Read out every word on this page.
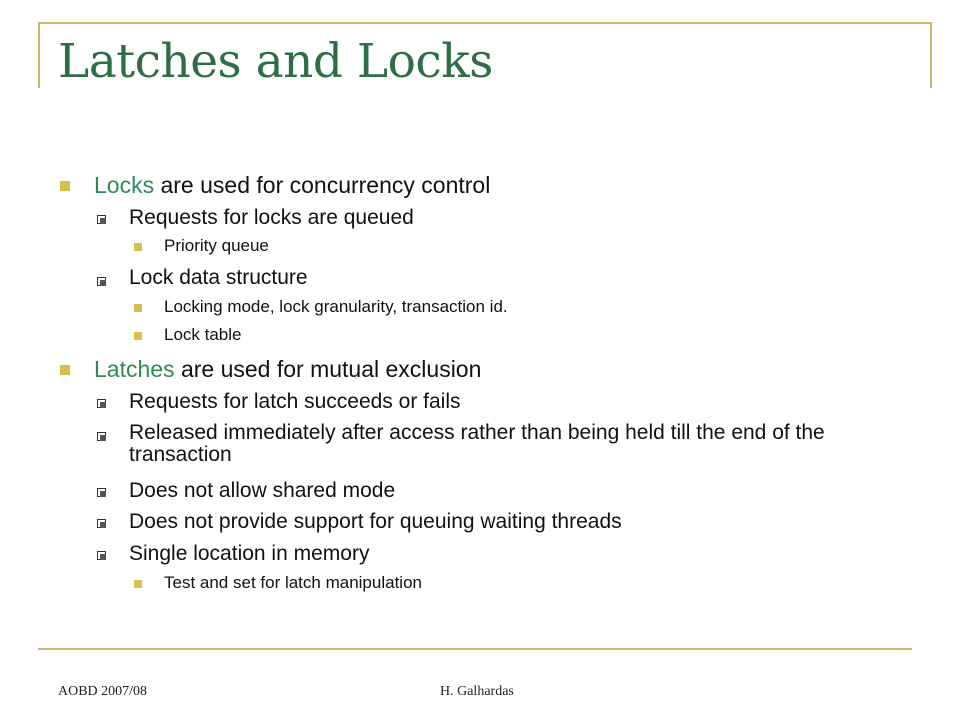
Latches and Locks
Locks are used for concurrency control
Requests for locks are queued
Priority queue
Lock data structure
Locking mode, lock granularity, transaction id.
Lock table
Latches are used for mutual exclusion
Requests for latch succeeds or fails
Released immediately after access rather than being held till the end of the transaction
Does not allow shared mode
Does not provide support for queuing waiting threads
Single location in memory
Test and set for latch manipulation
AOBD 2007/08	H. Galhardas
